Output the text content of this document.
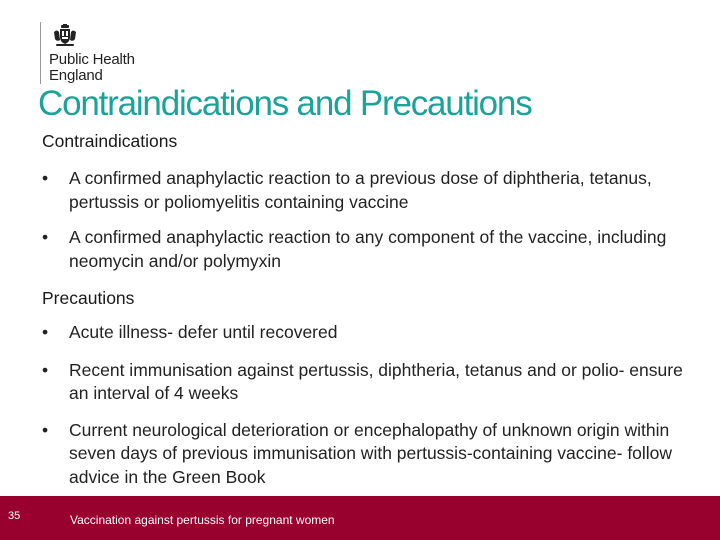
Public Health
England
Contraindications and Precautions
Contraindications
• A confirmed anaphylactic reaction to a previous dose of diphtheria, tetanus, pertussis or poliomyelitis containing vaccine
• A confirmed anaphylactic reaction to any component of the vaccine, including neomycin and/or polymyxin
Precautions
• Acute illness- defer until recovered
• Recent immunisation against pertussis, diphtheria, tetanus and or polio- ensure an interval of 4 weeks
• Current neurological deterioration or encephalopathy of unknown origin within seven days of previous immunisation with pertussis-containing vaccine- follow advice in the Green Book
35	Vaccination against pertussis for pregnant women
